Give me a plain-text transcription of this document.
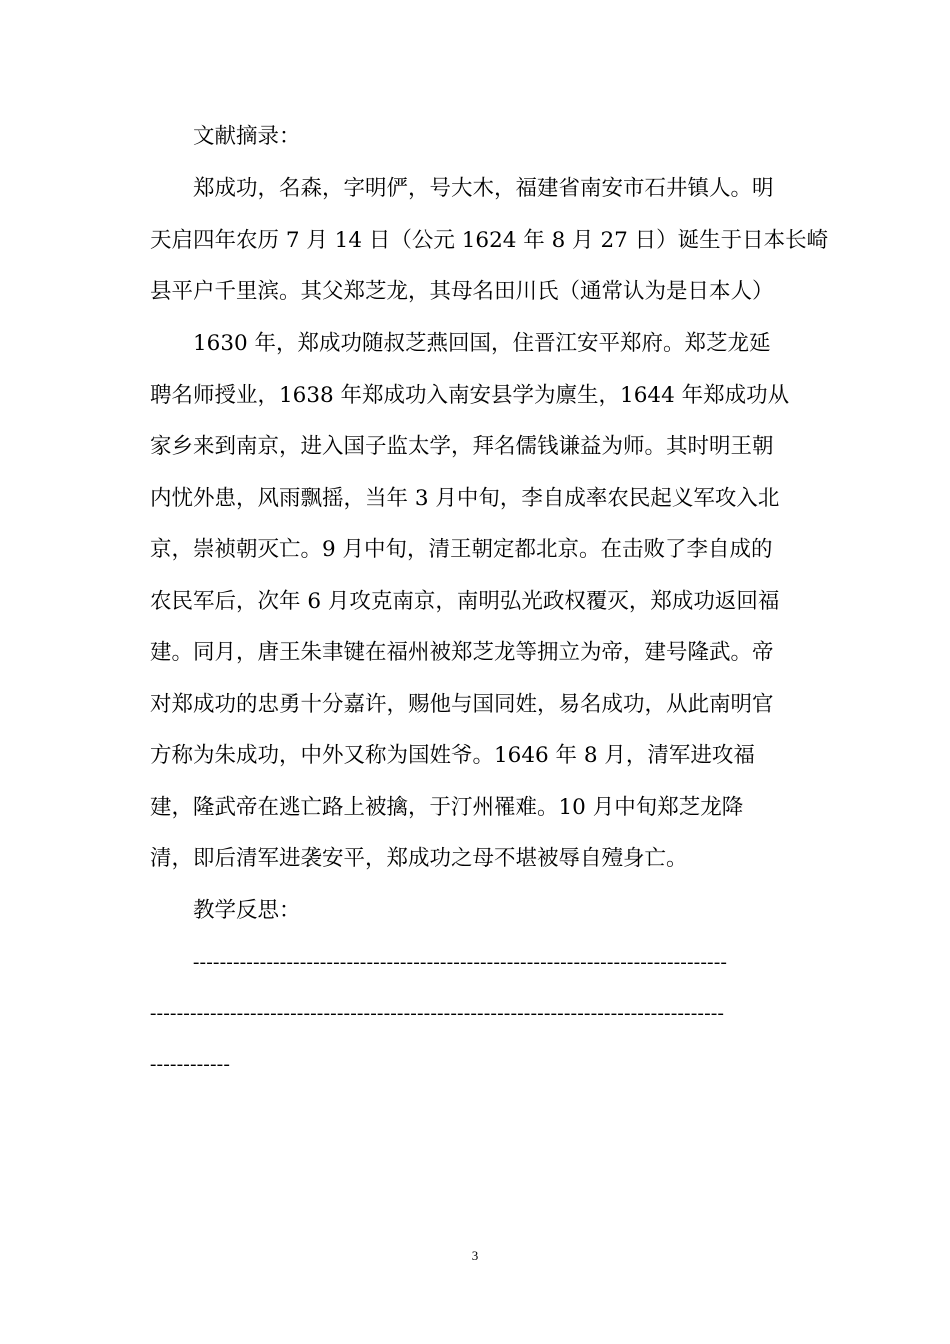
文献摘录：
郑成功，名森，字明俨，号大木，福建省南安市石井镇人。明
天启四年农历 7 月 14 日（公元 1624 年 8 月 27 日）诞生于日本长崎
县平户千里滨。其父郑芝龙，其母名田川氏（通常认为是日本人）
1630 年，郑成功随叔芝燕回国，住晋江安平郑府。郑芝龙延
聘名师授业，1638 年郑成功入南安县学为廪生，1644 年郑成功从
家乡来到南京，进入国子监太学，拜名儒钱谦益为师。其时明王朝
内忧外患，风雨飘摇，当年 3 月中旬，李自成率农民起义军攻入北
京，崇祯朝灭亡。9 月中旬，清王朝定都北京。在击败了李自成的
农民军后，次年 6 月攻克南京，南明弘光政权覆灭，郑成功返回福
建。同月，唐王朱聿键在福州被郑芝龙等拥立为帝，建号隆武。帝
对郑成功的忠勇十分嘉许，赐他与国同姓，易名成功，从此南明官
方称为朱成功，中外又称为国姓爷。1646 年 8 月，清军进攻福
建，隆武帝在逃亡路上被擒，于汀州罹难。10 月中旬郑芝龙降
清，即后清军进袭安平，郑成功之母不堪被辱自殪身亡。
教学反思：
--------------------------------------------------------------------------------
--------------------------------------------------------------------------------------
------------
3
